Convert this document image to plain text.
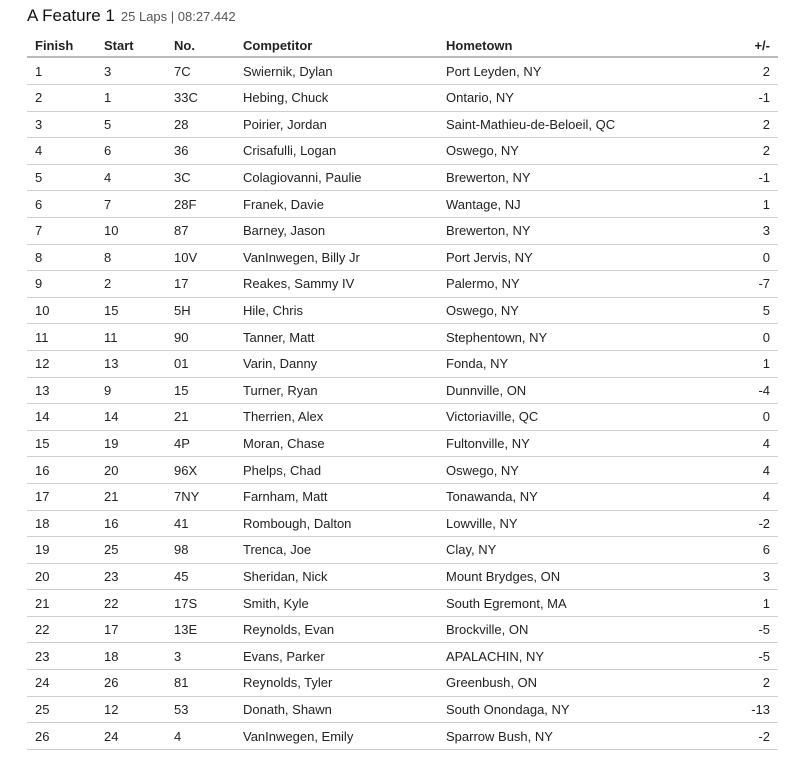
A Feature 1 25 Laps | 08:27.442
Finish	Start	No.	Competitor	Hometown	+/-
1	3	7C	Swiernik, Dylan	Port Leyden, NY	2
2	1	33C	Hebing, Chuck	Ontario, NY	-1
3	5	28	Poirier, Jordan	Saint-Mathieu-de-Beloeil, QC	2
4	6	36	Crisafulli, Logan	Oswego, NY	2
5	4	3C	Colagiovanni, Paulie	Brewerton, NY	-1
6	7	28F	Franek, Davie	Wantage, NJ	1
7	10	87	Barney, Jason	Brewerton, NY	3
8	8	10V	VanInwegen, Billy Jr	Port Jervis, NY	0
9	2	17	Reakes, Sammy IV	Palermo, NY	-7
10	15	5H	Hile, Chris	Oswego, NY	5
11	11	90	Tanner, Matt	Stephentown, NY	0
12	13	01	Varin, Danny	Fonda, NY	1
13	9	15	Turner, Ryan	Dunnville, ON	-4
14	14	21	Therrien, Alex	Victoriaville, QC	0
15	19	4P	Moran, Chase	Fultonville, NY	4
16	20	96X	Phelps, Chad	Oswego, NY	4
17	21	7NY	Farnham, Matt	Tonawanda, NY	4
18	16	41	Rombough, Dalton	Lowville, NY	-2
19	25	98	Trenca, Joe	Clay, NY	6
20	23	45	Sheridan, Nick	Mount Brydges, ON	3
21	22	17S	Smith, Kyle	South Egremont, MA	1
22	17	13E	Reynolds, Evan	Brockville, ON	-5
23	18	3	Evans, Parker	APALACHIN, NY	-5
24	26	81	Reynolds, Tyler	Greenbush, ON	2
25	12	53	Donath, Shawn	South Onondaga, NY	-13
26	24	4	VanInwegen, Emily	Sparrow Bush, NY	-2
